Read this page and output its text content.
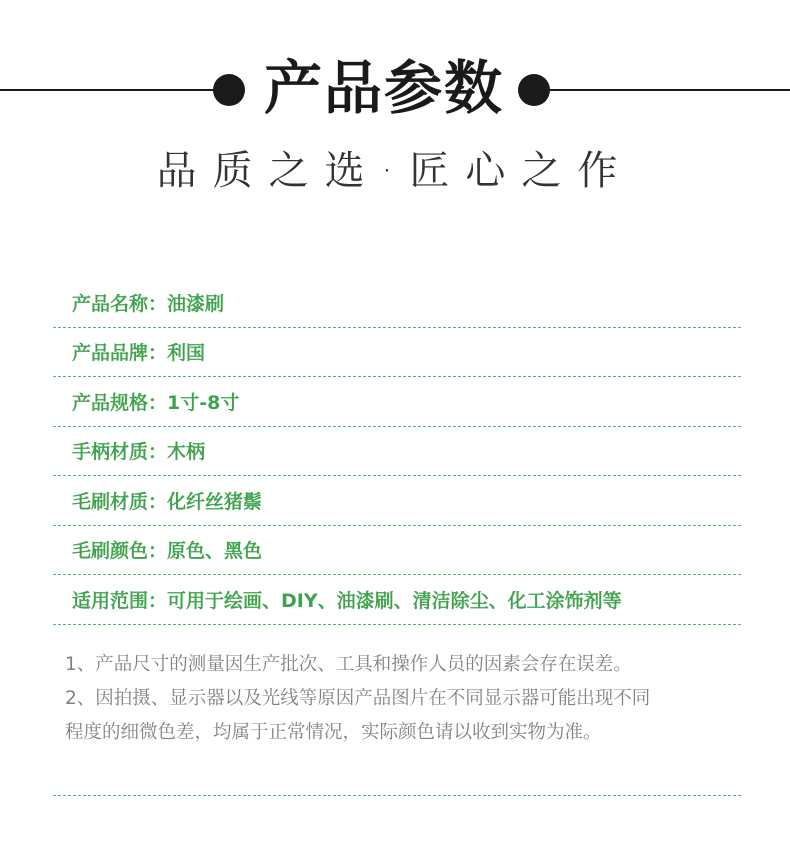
产品参数
品质之选·匠心之作
产品名称： 油漆刷
产品品牌： 利国
产品规格： 1寸-8寸
手柄材质： 木柄
毛刷材质： 化纤丝猪鬃
毛刷颜色： 原色、黑色
适用范围： 可用于绘画、DIY、油漆刷、清洁除尘、化工涂饰剂等
1、产品尺寸的测量因生产批次、工具和操作人员的因素会存在误差。
2、因拍摄、显示器以及光线等原因产品图片在不同显示器可能出现不同
程度的细微色差，均属于正常情况，实际颜色请以收到实物为准。
